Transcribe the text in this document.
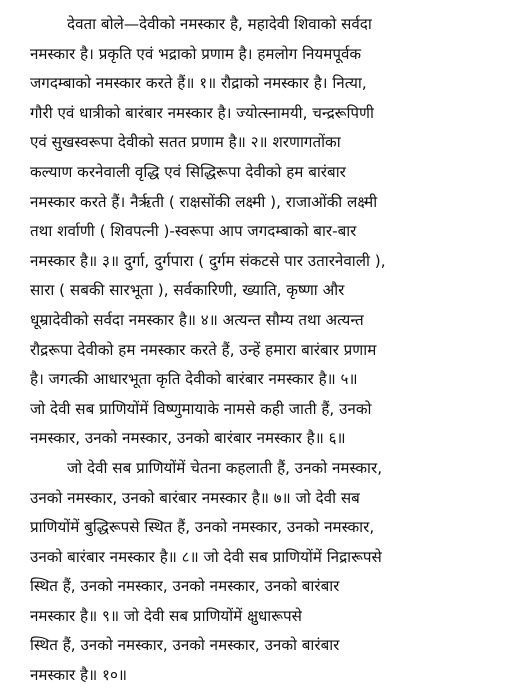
देवता बोले—देवीको नमस्कार है, महादेवी शिवाको सर्वदा
नमस्कार है। प्रकृति एवं भद्राको प्रणाम है। हमलोग नियमपूर्वक
जगदम्बाको नमस्कार करते हैं॥ १॥ रौद्राको नमस्कार है। नित्या,
गौरी एवं धात्रीको बारंबार नमस्कार है। ज्योत्स्नामयी, चन्द्ररूपिणी
एवं सुखस्वरूपा देवीको सतत प्रणाम है॥ २॥ शरणागतोंका
कल्याण करनेवाली वृद्धि एवं सिद्धिरूपा देवीको हम बारंबार
नमस्कार करते हैं। नैर्ऋती ( राक्षसोंकी लक्ष्मी ), राजाओंकी लक्ष्मी
तथा शर्वाणी ( शिवपत्नी )-स्वरूपा आप जगदम्बाको बार-बार
नमस्कार है॥ ३॥ दुर्गा, दुर्गपारा ( दुर्गम संकटसे पार उतारनेवाली ),
सारा ( सबकी सारभूता ), सर्वकारिणी, ख्याति, कृष्णा और
धूम्रादेवीको सर्वदा नमस्कार है॥ ४॥ अत्यन्त सौम्य तथा अत्यन्त
रौद्ररूपा देवीको हम नमस्कार करते हैं, उन्हें हमारा बारंबार प्रणाम
है। जगत्की आधारभूता कृति देवीको बारंबार नमस्कार है॥ ५॥
जो देवी सब प्राणियोंमें विष्णुमायाके नामसे कही जाती हैं, उनको
नमस्कार, उनको नमस्कार, उनको बारंबार नमस्कार है॥ ६॥
जो देवी सब प्राणियोंमें चेतना कहलाती हैं, उनको नमस्कार,
उनको नमस्कार, उनको बारंबार नमस्कार है॥ ७॥ जो देवी सब
प्राणियोंमें बुद्धिरूपसे स्थित हैं, उनको नमस्कार, उनको नमस्कार,
उनको बारंबार नमस्कार है॥ ८॥ जो देवी सब प्राणियोंमें निद्रारूपसे
स्थित हैं, उनको नमस्कार, उनको नमस्कार, उनको बारंबार
नमस्कार है॥ ९॥ जो देवी सब प्राणियोंमें क्षुधारूपसे
स्थित हैं, उनको नमस्कार, उनको नमस्कार, उनको बारंबार
नमस्कार है॥ १०॥
